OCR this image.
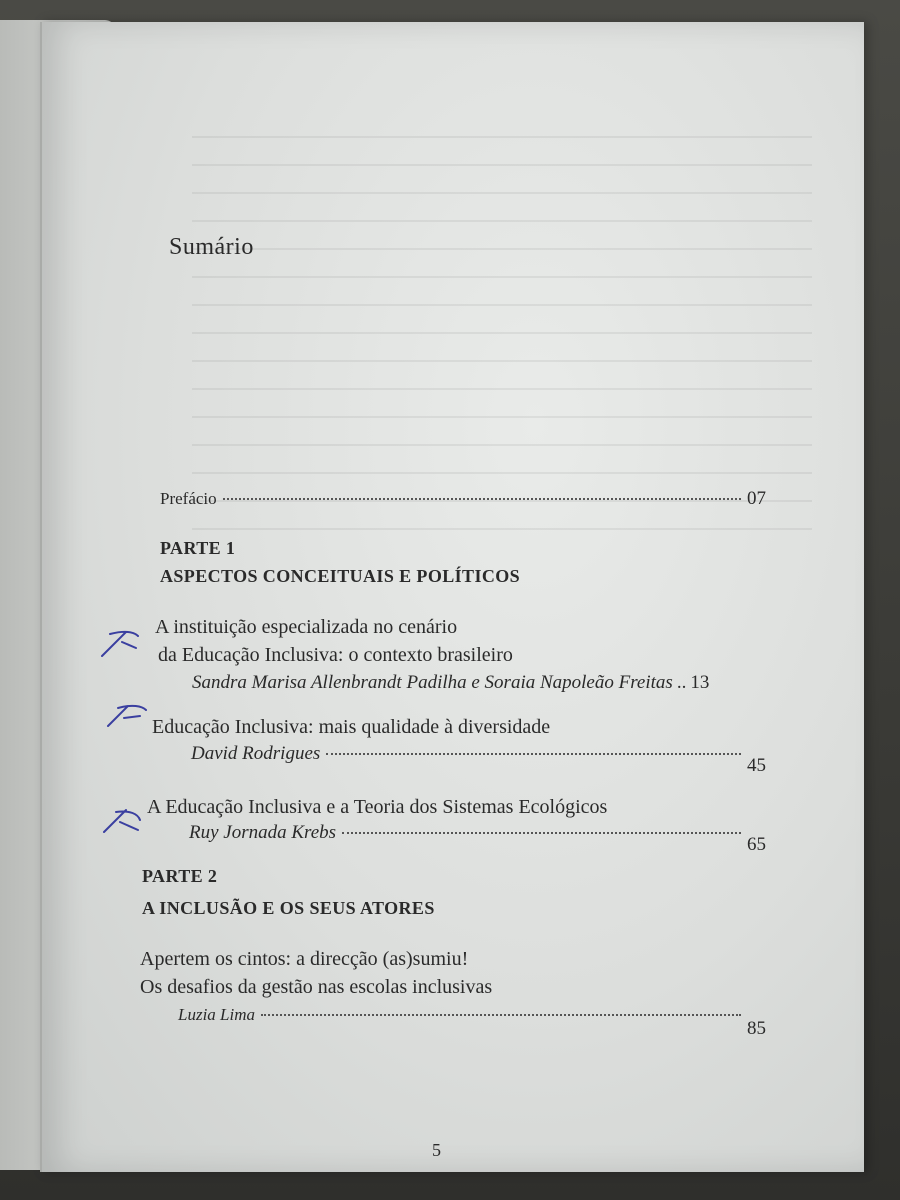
Sumário
Prefácio	07
PARTE 1
ASPECTOS CONCEITUAIS E POLÍTICOS
A instituição especializada no cenário
da Educação Inclusiva: o contexto brasileiro
Sandra Marisa Allenbrandt Padilha e Soraia Napoleão Freitas .. 13
Educação Inclusiva: mais qualidade à diversidade
David Rodrigues
45
A Educação Inclusiva e a Teoria dos Sistemas Ecológicos
Ruy Jornada Krebs
65
PARTE 2
A INCLUSÃO E OS SEUS ATORES
Apertem os cintos: a direcção (as)sumiu!
Os desafios da gestão nas escolas inclusivas
Luzia Lima
85
5
